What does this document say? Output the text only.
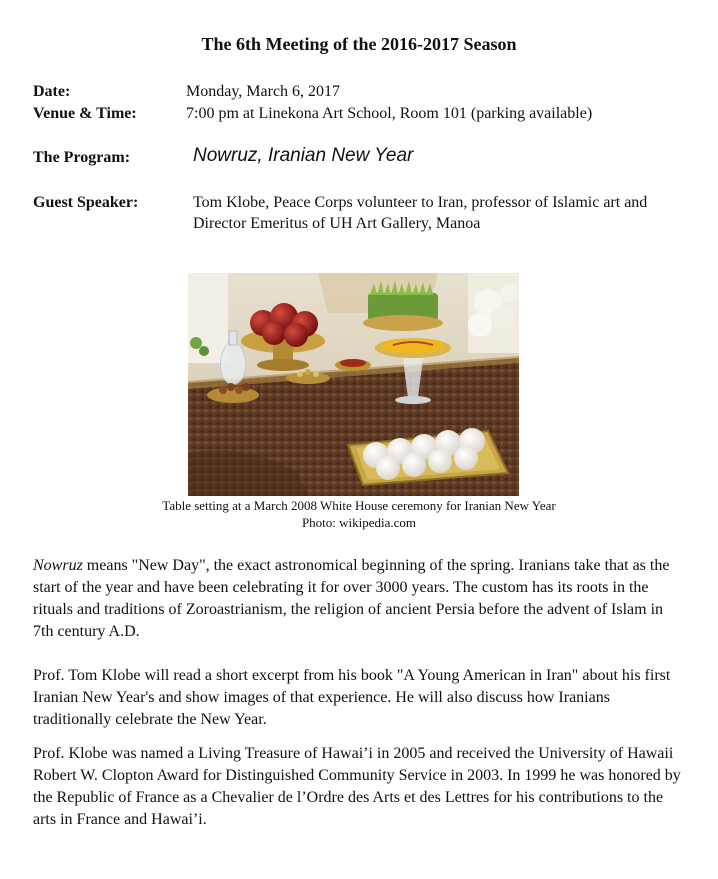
The 6th Meeting of the 2016-2017 Season
Date:	Monday, March 6, 2017
Venue & Time:	7:00 pm at Linekona Art School, Room 101 (parking available)
The Program:	Nowruz, Iranian New Year
Guest Speaker:	Tom Klobe, Peace Corps volunteer to Iran, professor of Islamic art and Director Emeritus of UH Art Gallery, Manoa
Table setting at a March 2008 White House ceremony for Iranian New Year
Photo: wikipedia.com
Nowruz means "New Day", the exact astronomical beginning of the spring. Iranians take that as the start of the year and have been celebrating it for over 3000 years. The custom has its roots in the rituals and traditions of Zoroastrianism, the religion of ancient Persia before the advent of Islam in 7th century A.D.
Prof. Tom Klobe will read a short excerpt from his book "A Young American in Iran" about his first Iranian New Year's and show images of that experience. He will also discuss how Iranians traditionally celebrate the New Year.
Prof. Klobe was named a Living Treasure of Hawai’i in 2005 and received the University of Hawaii Robert W. Clopton Award for Distinguished Community Service in 2003. In 1999 he was honored by the Republic of France as a Chevalier de l’Ordre des Arts et des Lettres for his contributions to the arts in France and Hawai’i.
